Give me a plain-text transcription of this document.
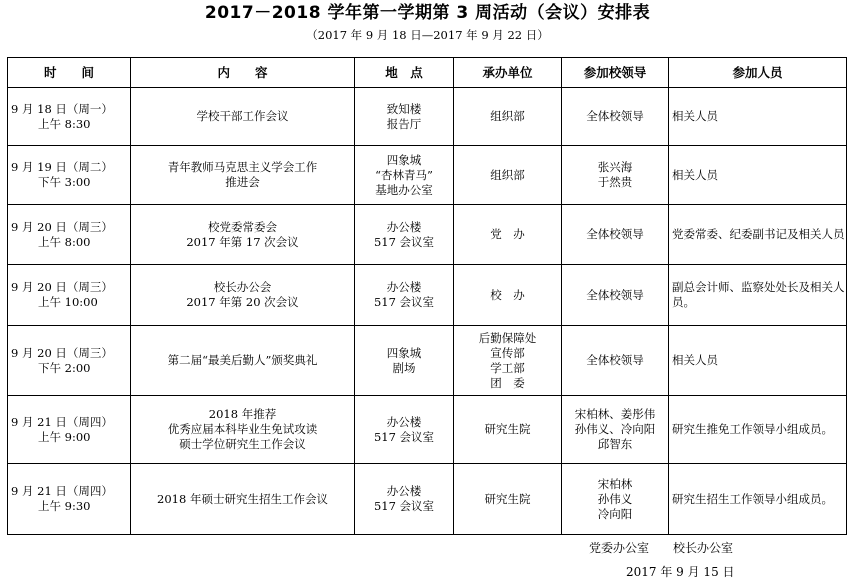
2017－2018 学年第一学期第 3 周活动（会议）安排表
（2017 年 9 月 18 日—2017 年 9 月 22 日）
时　　间	内　　容	地　点	承办单位	参加校领导	参加人员

9 月 18 日（周一）
上午 8:30	学校干部工作会议	致知楼
报告厅	组织部	全体校领导	相关人员

9 月 19 日（周二）
下午 3:00	青年教师马克思主义学会工作
推进会	四象城
“杏林青马”
基地办公室	组织部	张兴海
于然贵	相关人员

9 月 20 日（周三）
上午 8:00	校党委常委会
2017 年第 17 次会议	办公楼
517 会议室	党　办	全体校领导	党委常委、纪委副书记及相关人员

9 月 20 日（周三）
上午 10:00	校长办公会
2017 年第 20 次会议	办公楼
517 会议室	校　办	全体校领导	副总会计师、监察处处长及相关人
员。

9 月 20 日（周三）
下午 2:00	第二届“最美后勤人”颁奖典礼	四象城
剧场	后勤保障处
宣传部
学工部
团　委	全体校领导	相关人员

9 月 21 日（周四）
上午 9:00	2018 年推荐
优秀应届本科毕业生免试攻读
硕士学位研究生工作会议	办公楼
517 会议室	研究生院	宋柏林、姜彤伟
孙伟义、冷向阳
邱智东	研究生推免工作领导小组成员。

9 月 21 日（周四）
上午 9:30	2018 年硕士研究生招生工作会议	办公楼
517 会议室	研究生院	宋柏林
孙伟义
冷向阳	研究生招生工作领导小组成员。
党委办公室　　校长办公室
2017 年 9 月 15 日
